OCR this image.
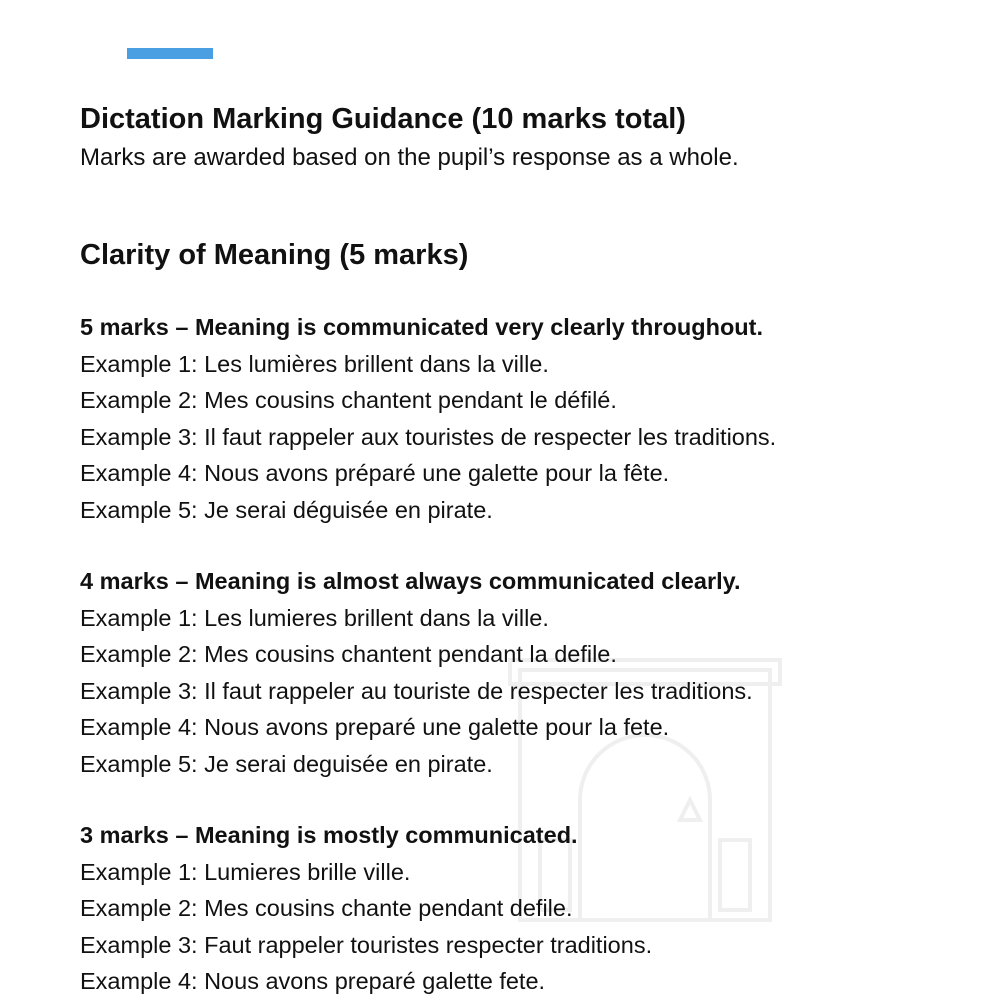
Dictation Marking Guidance (10 marks total)

Marks are awarded based on the pupil’s response as a whole.

Clarity of Meaning (5 marks)

5 marks – Meaning is communicated very clearly throughout.

Example 1: Les lumières brillent dans la ville.

Example 2: Mes cousins chantent pendant le défilé.

Example 3: Il faut rappeler aux touristes de respecter les traditions.

Example 4: Nous avons préparé une galette pour la fête.

Example 5: Je serai déguisée en pirate.

4 marks – Meaning is almost always communicated clearly.

Example 1: Les lumieres brillent dans la ville.

Example 2: Mes cousins chantent pendant la defile.

Example 3: Il faut rappeler au touriste de respecter les traditions.

Example 4: Nous avons preparé une galette pour la fete.

Example 5: Je serai deguisée en pirate.

3 marks – Meaning is mostly communicated.

Example 1: Lumieres brille ville.

Example 2: Mes cousins chante pendant defile.

Example 3: Faut rappeler touristes respecter traditions.

Example 4: Nous avons preparé galette fete.
